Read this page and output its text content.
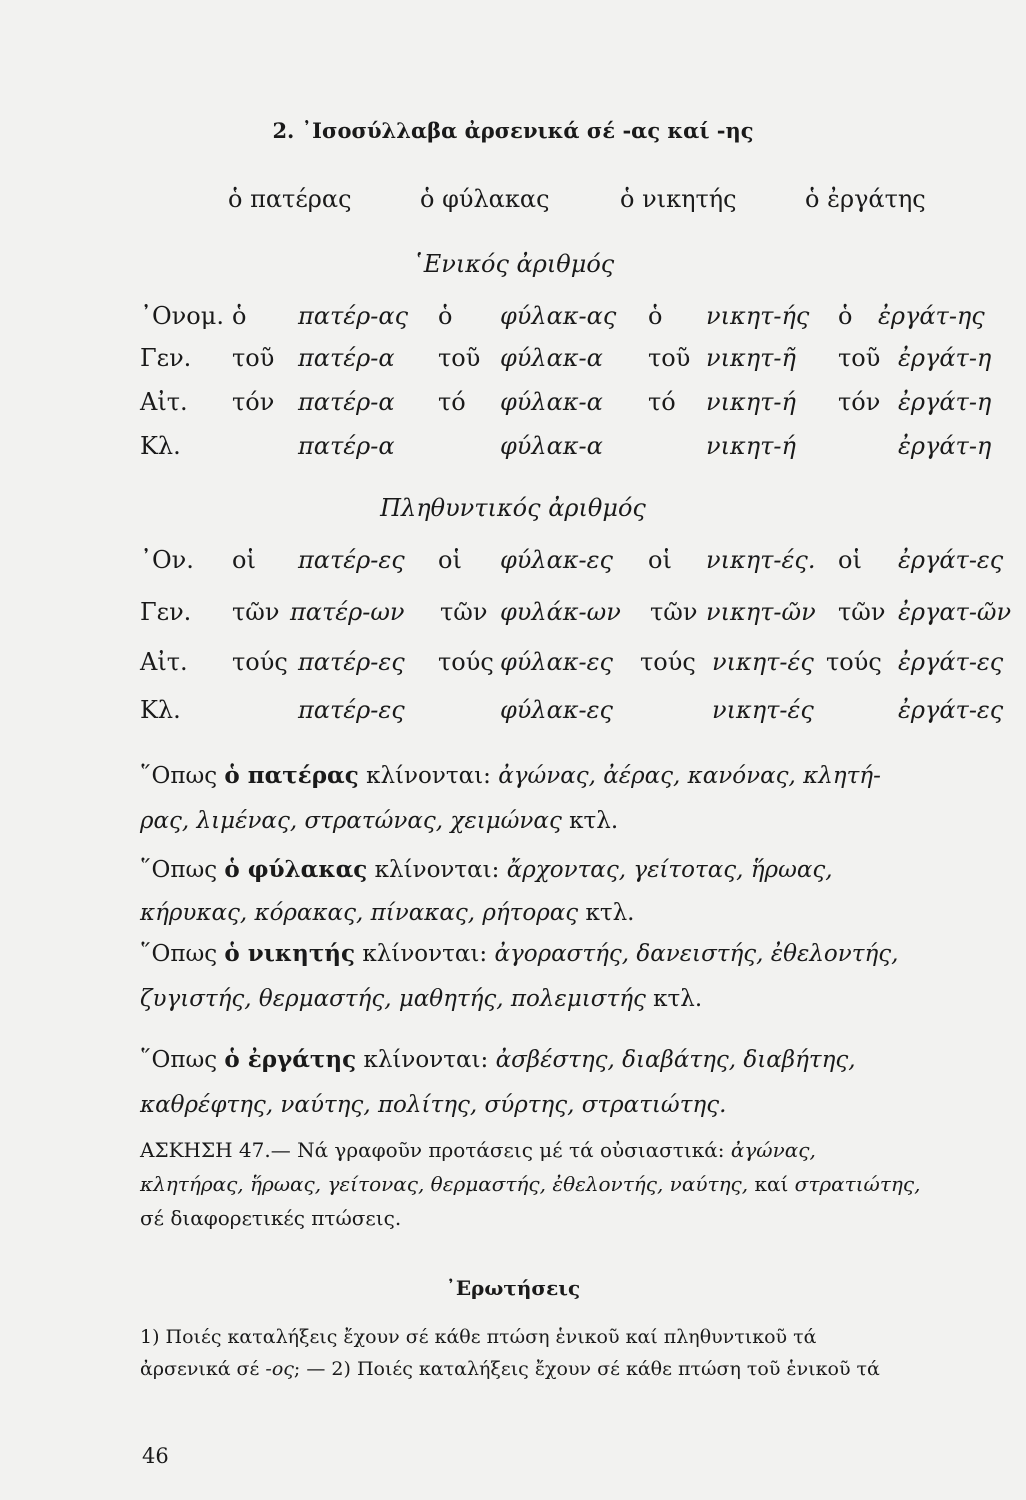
2. ᾿Ισοσύλλαβα ἀρσενικά σέ -ας καί -ης
ὁ πατέρας	ὁ φύλακας	ὁ νικητής	ὁ ἐργάτης
῾Ενικός ἀριθμός
᾿Ονομ. ὁ πατέρ-ας ὁ φύλακ-ας ὁ νικητ-ής ὁ ἐργάτ-ης
Γεν. τοῦ πατέρ-α τοῦ φύλακ-α τοῦ νικητ-ῆ τοῦ ἐργάτ-η
Αἰτ. τόν πατέρ-α τό φύλακ-α τό νικητ-ή τόν ἐργάτ-η
Κλ.	πατέρ-α	φύλακ-α	νικητ-ή	ἐργάτ-η
Πληθυντικός ἀριθμός
᾿Ον. οἱ πατέρ-ες οἱ φύλακ-ες οἱ νικητ-ές. οἱ ἐργάτ-ες
Γεν. τῶν πατέρ-ων τῶν φυλάκ-ων τῶν νικητ-ῶν τῶν ἐργατ-ῶν
Αἰτ. τούς πατέρ-ες τούς φύλακ-ες τούς νικητ-ές τούς ἐργάτ-ες
Κλ.	πατέρ-ες	φύλακ-ες	νικητ-ές	ἐργάτ-ες
῞Οπως ὁ πατέρας κλίνονται: ἀγώνας, ἀέρας, κανόνας, κλητή-
ρας, λιμένας, στρατώνας, χειμώνας κτλ.
῞Οπως ὁ φύλακας κλίνονται: ἄρχοντας, γείτοτας, ἥρωας,
κήρυκας, κόρακας, πίνακας, ρήτορας κτλ.
῞Οπως ὁ νικητής κλίνονται: ἀγοραστής, δανειστής, ἐθελοντής,
ζυγιστής, θερμαστής, μαθητής, πολεμιστής κτλ.
῞Οπως ὁ ἐργάτης κλίνονται: ἀσβέστης, διαβάτης, διαβήτης,
καθρέφτης, ναύτης, πολίτης, σύρτης, στρατιώτης.
ΑΣΚΗΣΗ 47.— Νά γραφοῦν προτάσεις μέ τά οὐσιαστικά: ἀγώνας,
κλητήρας, ἥρωας, γείτονας, θερμαστής, ἐθελοντής, ναύτης, καί στρατιώτης,
σέ διαφορετικές πτώσεις.
᾿Ερωτήσεις
1) Ποιές καταλήξεις ἔχουν σέ κάθε πτώση ἑνικοῦ καί πληθυντικοῦ τά
ἀρσενικά σέ -ος; — 2) Ποιές καταλήξεις ἔχουν σέ κάθε πτώση τοῦ ἑνικοῦ τά
46
